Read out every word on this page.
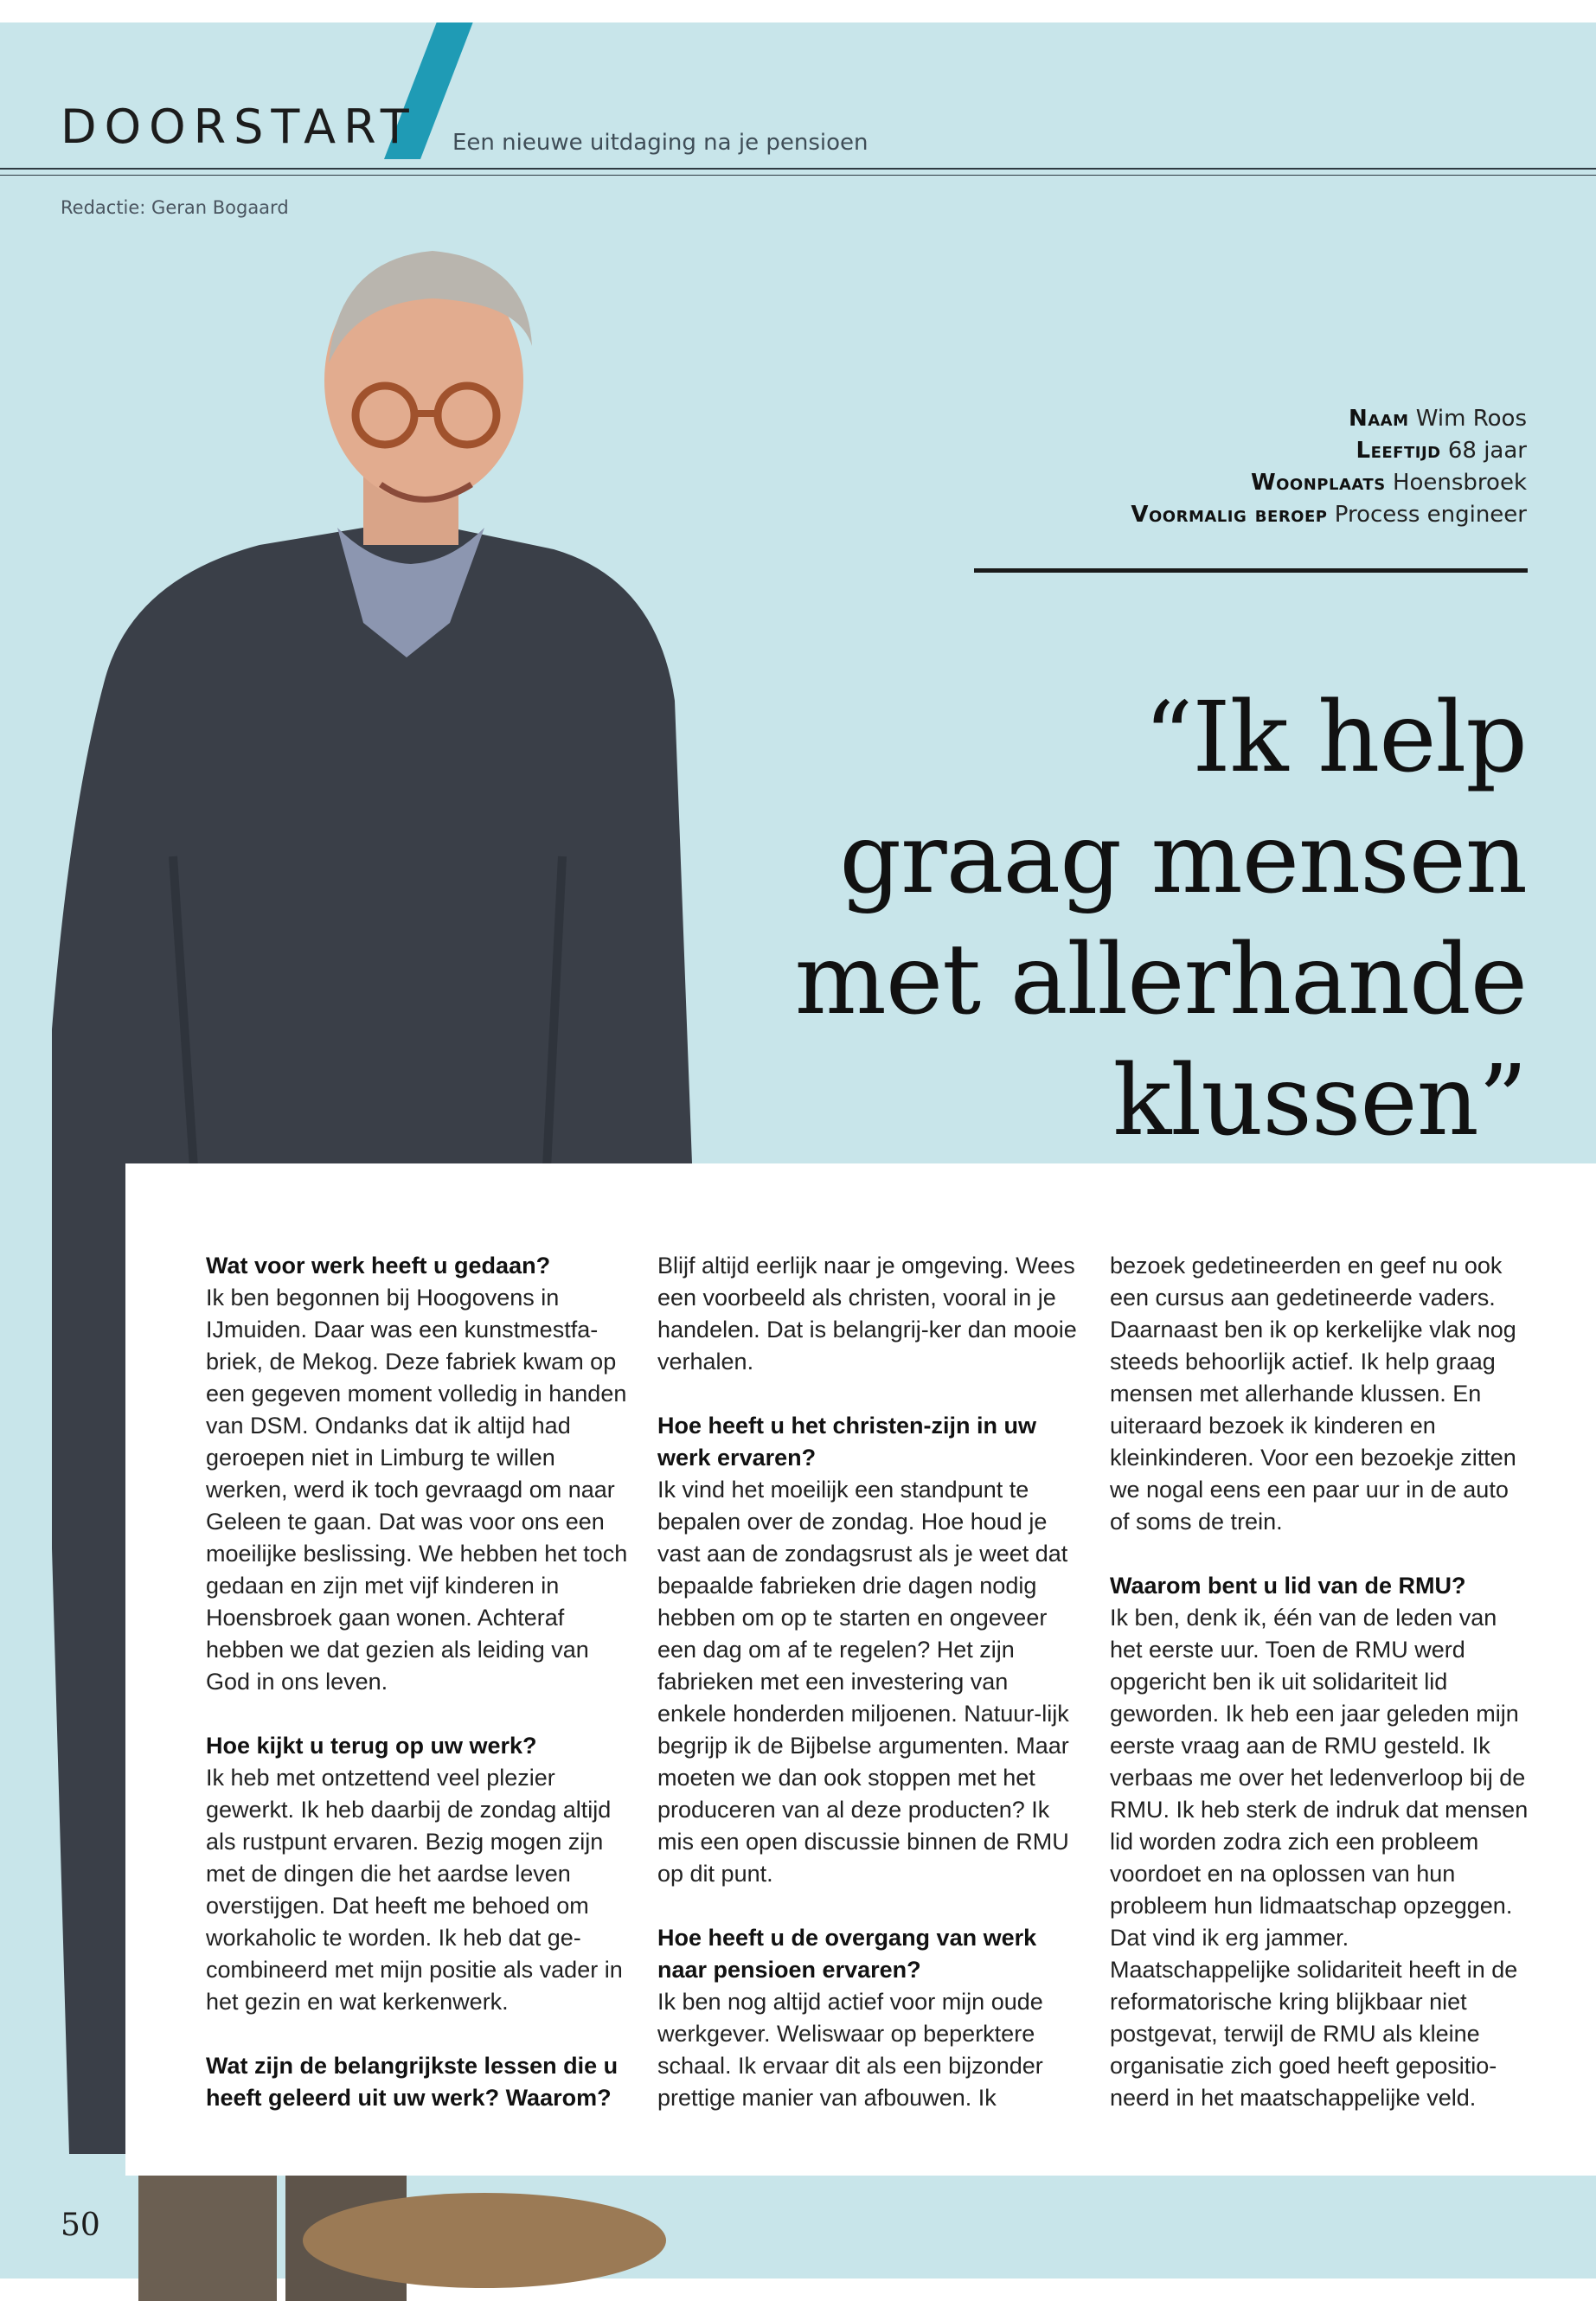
DOORSTART Een nieuwe uitdaging na je pensioen
Redactie: Geran Bogaard
Naam Wim Roos
Leeftijd 68 jaar
Woonplaats Hoensbroek
Voormalig beroep Process engineer
“Ik help
graag mensen
met allerhande
klussen”

Wat voor werk heeft u gedaan?
Ik ben begonnen bij Hoogovens in IJmuiden. Daar was een kunstmestfa-briek, de Mekog. Deze fabriek kwam op een gegeven moment volledig in handen van DSM. Ondanks dat ik altijd had geroepen niet in Limburg te willen werken, werd ik toch gevraagd om naar Geleen te gaan. Dat was voor ons een moeilijke beslissing. We hebben het toch gedaan en zijn met vijf kinderen in Hoensbroek gaan wonen. Achteraf hebben we dat gezien als leiding van God in ons leven.

Hoe kijkt u terug op uw werk?
Ik heb met ontzettend veel plezier gewerkt. Ik heb daarbij de zondag altijd als rustpunt ervaren. Bezig mogen zijn met de dingen die het aardse leven overstijgen. Dat heeft me behoed om workaholic te worden. Ik heb dat ge-combineerd met mijn positie als vader in het gezin en wat kerkenwerk.

Wat zijn de belangrijkste lessen die u heeft geleerd uit uw werk? Waarom?

Blijf altijd eerlijk naar je omgeving. Wees een voorbeeld als christen, vooral in je handelen. Dat is belangrij-ker dan mooie verhalen.

Hoe heeft u het christen-zijn in uw werk ervaren?
Ik vind het moeilijk een standpunt te bepalen over de zondag. Hoe houd je vast aan de zondagsrust als je weet dat bepaalde fabrieken drie dagen nodig hebben om op te starten en ongeveer een dag om af te regelen? Het zijn fabrieken met een investering van enkele honderden miljoenen. Natuur-lijk begrijp ik de Bijbelse argumenten. Maar moeten we dan ook stoppen met het produceren van al deze producten? Ik mis een open discussie binnen de RMU op dit punt.

Hoe heeft u de overgang van werk naar pensioen ervaren?
Ik ben nog altijd actief voor mijn oude werkgever. Weliswaar op beperktere schaal. Ik ervaar dit als een bijzonder prettige manier van afbouwen. Ik

bezoek gedetineerden en geef nu ook een cursus aan gedetineerde vaders. Daarnaast ben ik op kerkelijke vlak nog steeds behoorlijk actief. Ik help graag mensen met allerhande klussen. En uiteraard bezoek ik kinderen en kleinkinderen. Voor een bezoekje zitten we nogal eens een paar uur in de auto of soms de trein.

Waarom bent u lid van de RMU?
Ik ben, denk ik, één van de leden van het eerste uur. Toen de RMU werd opgericht ben ik uit solidariteit lid geworden. Ik heb een jaar geleden mijn eerste vraag aan de RMU gesteld. Ik verbaas me over het ledenverloop bij de RMU. Ik heb sterk de indruk dat mensen lid worden zodra zich een probleem voordoet en na oplossen van hun probleem hun lidmaatschap opzeggen. Dat vind ik erg jammer. Maatschappelijke solidariteit heeft in de reformatorische kring blijkbaar niet postgevat, terwijl de RMU als kleine organisatie zich goed heeft gepositio-neerd in het maatschappelijke veld.

50
